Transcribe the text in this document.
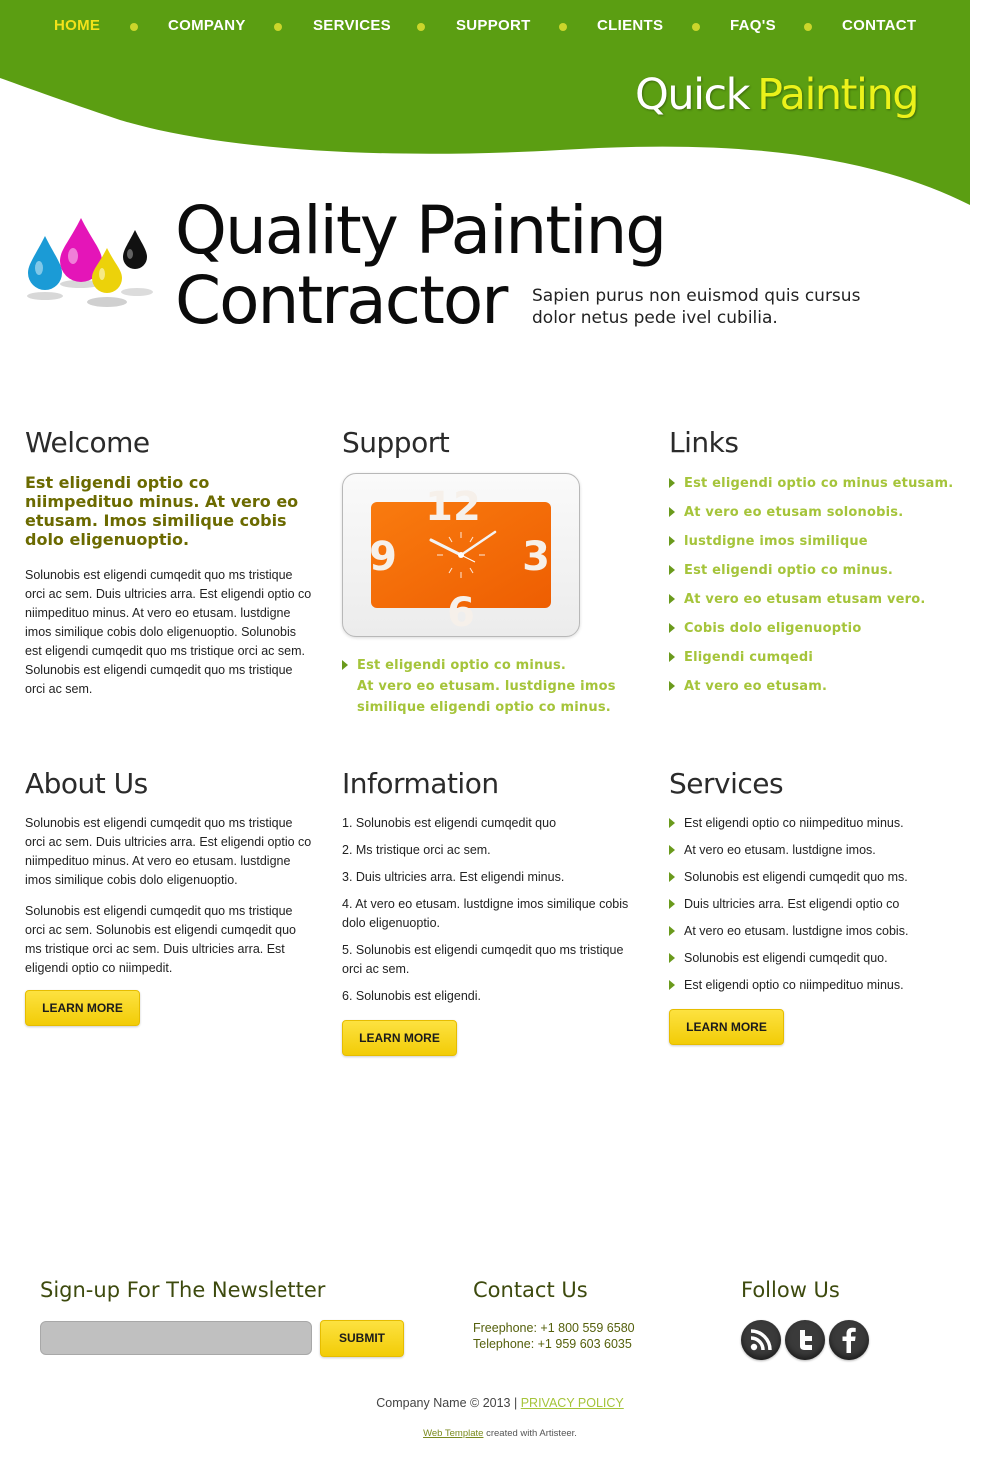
HOME	COMPANY	SERVICES	SUPPORT	CLIENTS	FAQ'S	CONTACT
Quick Painting
Quality Painting
Contractor	Sapien purus non euismod quis cursus dolor netus pede ivel cubilia.
Welcome
Est eligendi optio co niimpedituo minus. At vero eo etusam. Imos similique cobis dolo eligenuoptio.

Solunobis est eligendi cumqedit quo ms tristique orci ac sem. Duis ultricies arra. Est eligendi optio co niimpedituo minus. At vero eo etusam. lustdigne imos similique cobis dolo eligenuoptio. Solunobis est eligendi cumqedit quo ms tristique orci ac sem.

Solunobis est eligendi cumqedit quo ms tristique orci ac sem.

Support
12
3
6
9
Est eligendi optio co minus.
At vero eo etusam. lustdigne imos similique eligendi optio co minus.
Links
Est eligendi optio co minus etusam.
At vero eo etusam solonobis.
lustdigne imos similique
Est eligendi optio co minus.
At vero eo etusam etusam vero.
Cobis dolo eligenuoptio
Eligendi cumqedi
At vero eo etusam.
About Us

Solunobis est eligendi cumqedit quo ms tristique orci ac sem. Duis ultricies arra. Est eligendi optio co niimpedituo minus. At vero eo etusam. lustdigne imos similique cobis dolo eligenuoptio.

Solunobis est eligendi cumqedit quo ms tristique orci ac sem. Solunobis est eligendi cumqedit quo ms tristique orci ac sem. Duis ultricies arra. Est eligendi optio co niimpedit.

LEARN MORE
Information
1. Solunobis est eligendi cumqedit quo
2. Ms tristique orci ac sem.
3. Duis ultricies arra. Est eligendi minus.
4. At vero eo etusam. lustdigne imos similique cobis dolo eligenuoptio.
5. Solunobis est eligendi cumqedit quo ms tristique orci ac sem.
6. Solunobis est eligendi.
LEARN MORE
Services
Est eligendi optio co niimpedituo minus.
At vero eo etusam. lustdigne imos.
Solunobis est eligendi cumqedit quo ms.
Duis ultricies arra. Est eligendi optio co
At vero eo etusam. lustdigne imos cobis.
Solunobis est eligendi cumqedit quo.
Est eligendi optio co niimpedituo minus.
LEARN MORE
Sign-up For The Newsletter
SUBMIT
Contact Us
Freephone: +1 800 559 6580
Telephone: +1 959 603 6035
Follow Us
Company Name © 2013 | PRIVACY POLICY
Web Template created with Artisteer.
